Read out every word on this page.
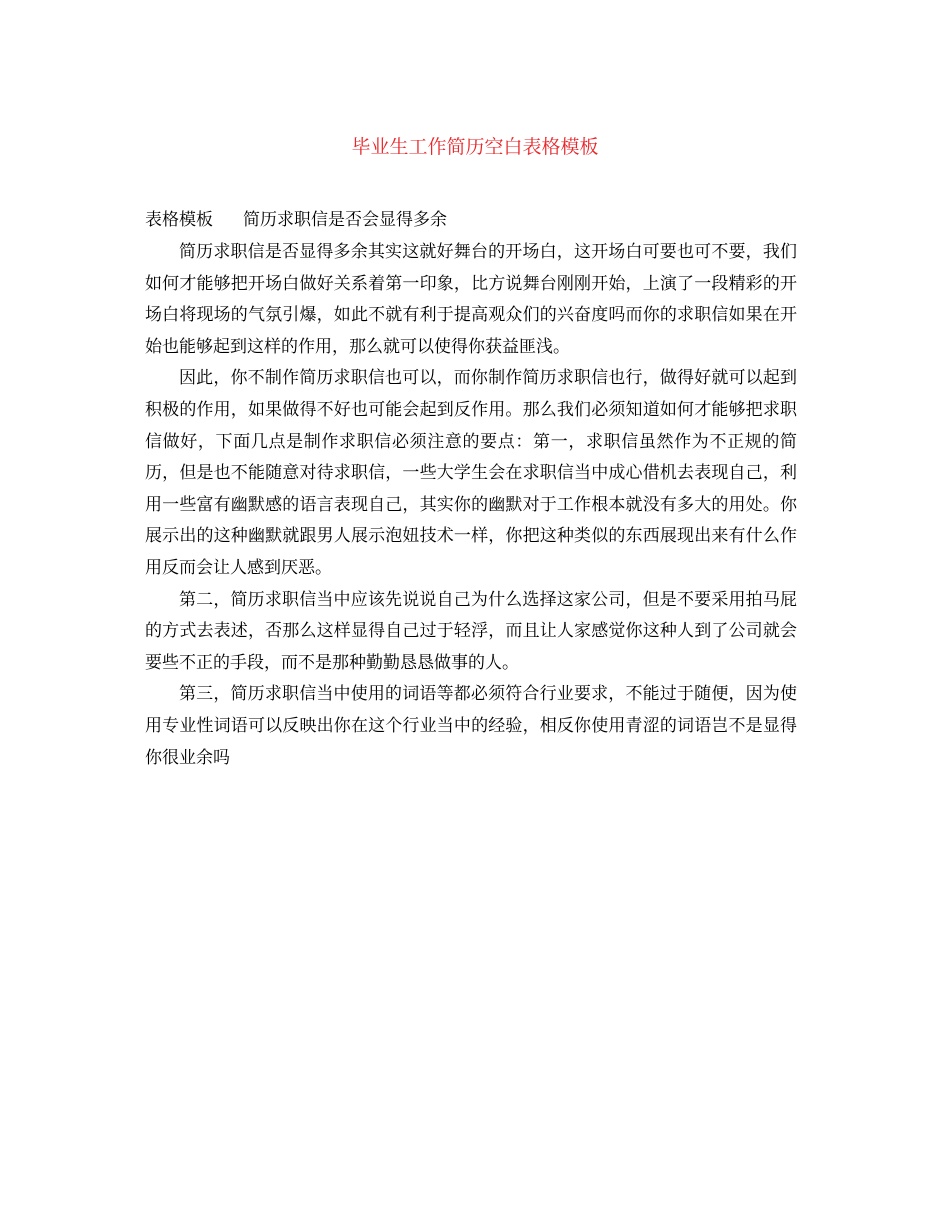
毕业生工作简历空白表格模板
表格模板 简历求职信是否会显得多余

简历求职信是否显得多余其实这就好舞台的开场白，这开场白可要也可不要，我们如何才能够把开场白做好关系着第一印象，比方说舞台刚刚开始，上演了一段精彩的开场白将现场的气氛引爆，如此不就有利于提高观众们的兴奋度吗而你的求职信如果在开始也能够起到这样的作用，那么就可以使得你获益匪浅。

因此，你不制作简历求职信也可以，而你制作简历求职信也行，做得好就可以起到积极的作用，如果做得不好也可能会起到反作用。那么我们必须知道如何才能够把求职信做好，下面几点是制作求职信必须注意的要点：第一，求职信虽然作为不正规的简历，但是也不能随意对待求职信，一些大学生会在求职信当中成心借机去表现自己，利用一些富有幽默感的语言表现自己，其实你的幽默对于工作根本就没有多大的用处。你展示出的这种幽默就跟男人展示泡妞技术一样，你把这种类似的东西展现出来有什么作用反而会让人感到厌恶。

第二，简历求职信当中应该先说说自己为什么选择这家公司，但是不要采用拍马屁的方式去表述，否那么这样显得自己过于轻浮，而且让人家感觉你这种人到了公司就会要些不正的手段，而不是那种勤勤恳恳做事的人。

第三，简历求职信当中使用的词语等都必须符合行业要求，不能过于随便，因为使用专业性词语可以反映出你在这个行业当中的经验，相反你使用青涩的词语岂不是显得你很业余吗
